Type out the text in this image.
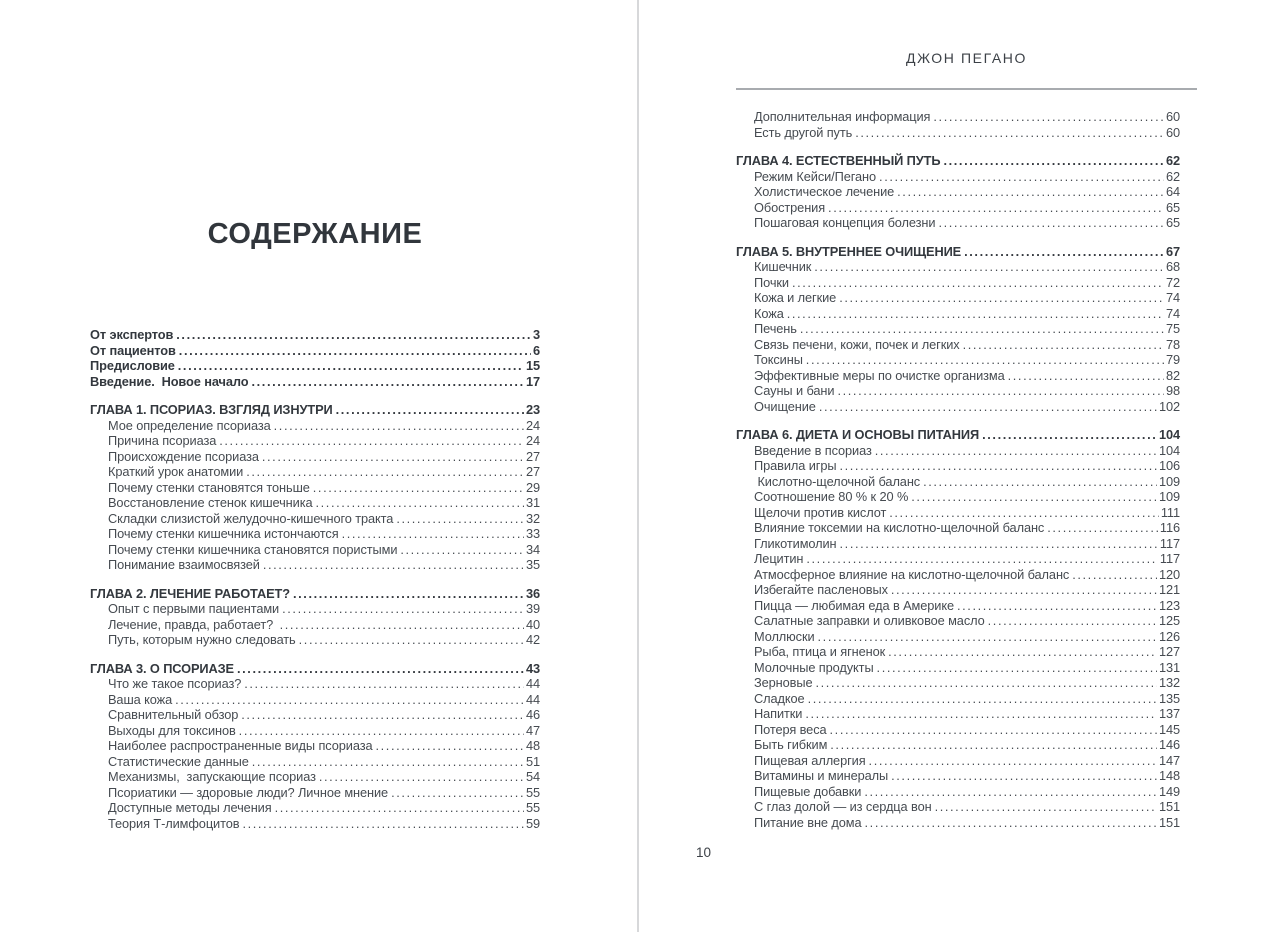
СОДЕРЖАНИЕ
От экспертов .....	3
От пациентов .....	6
Предисловие .....	15
Введение.  Новое начало .....	17
ГЛАВА 1. ПСОРИАЗ. ВЗГЛЯД ИЗНУТРИ .....	23
Мое определение псориаза .....	24
Причина псориаза .....	24
Происхождение псориаза .....	27
Краткий урок анатомии .....	27
Почему стенки становятся тоньше .....	29
Восстановление стенок кишечника .....	31
Складки слизистой желудочно-кишечного тракта .....	32
Почему стенки кишечника истончаются .....	33
Почему стенки кишечника становятся пористыми .....	34
Понимание взаимосвязей .....	35
ГЛАВА 2. ЛЕЧЕНИЕ РАБОТАЕТ? .....	36
Опыт с первыми пациентами .....	39
Лечение, правда, работает? .....	40
Путь, которым нужно следовать .....	42
ГЛАВА 3. О ПСОРИАЗЕ .....	43
Что же такое псориаз? .....	44
Ваша кожа .....	44
Сравнительный обзор .....	46
Выходы для токсинов .....	47
Наиболее распространенные виды псориаза .....	48
Статистические данные .....	51
Механизмы,  запускающие псориаз .....	54
Псориатики — здоровые люди? Личное мнение .....	55
Доступные методы лечения .....	55
Теория Т-лимфоцитов .....	59
ДЖОН ПЕГАНО
Дополнительная информация .....	60
Есть другой путь .....	60
ГЛАВА 4. ЕСТЕСТВЕННЫЙ ПУТЬ .....	62
Режим Кейси/Пегано .....	62
Холистическое лечение .....	64
Обострения .....	65
Пошаговая концепция болезни .....	65
ГЛАВА 5. ВНУТРЕННЕЕ ОЧИЩЕНИЕ .....	67
Кишечник .....	68
Почки .....	72
Кожа и легкие .....	74
Кожа .....	74
Печень .....	75
Связь печени, кожи, почек и легких .....	78
Токсины .....	79
Эффективные меры по очистке организма .....	82
Сауны и бани .....	98
Очищение .....	102
ГЛАВА 6. ДИЕТА И ОСНОВЫ ПИТАНИЯ .....	104
Введение в псориаз .....	104
Правила игры .....	106
Кислотно-щелочной баланс .....	109
Соотношение 80 % к 20 % .....	109
Щелочи против кислот .....	111
Влияние токсемии на кислотно-щелочной баланс .....	116
Гликотимолин .....	117
Лецитин .....	117
Атмосферное влияние на кислотно-щелочной баланс .....	120
Избегайте пасленовых .....	121
Пицца — любимая еда в Америке .....	123
Салатные заправки и оливковое масло .....	125
Моллюски .....	126
Рыба, птица и ягненок .....	127
Молочные продукты .....	131
Зерновые .....	132
Сладкое .....	135
Напитки .....	137
Потеря веса .....	145
Быть гибким .....	146
Пищевая аллергия .....	147
Витамины и минералы .....	148
Пищевые добавки .....	149
С глаз долой — из сердца вон .....	151
Питание вне дома .....	151
10
